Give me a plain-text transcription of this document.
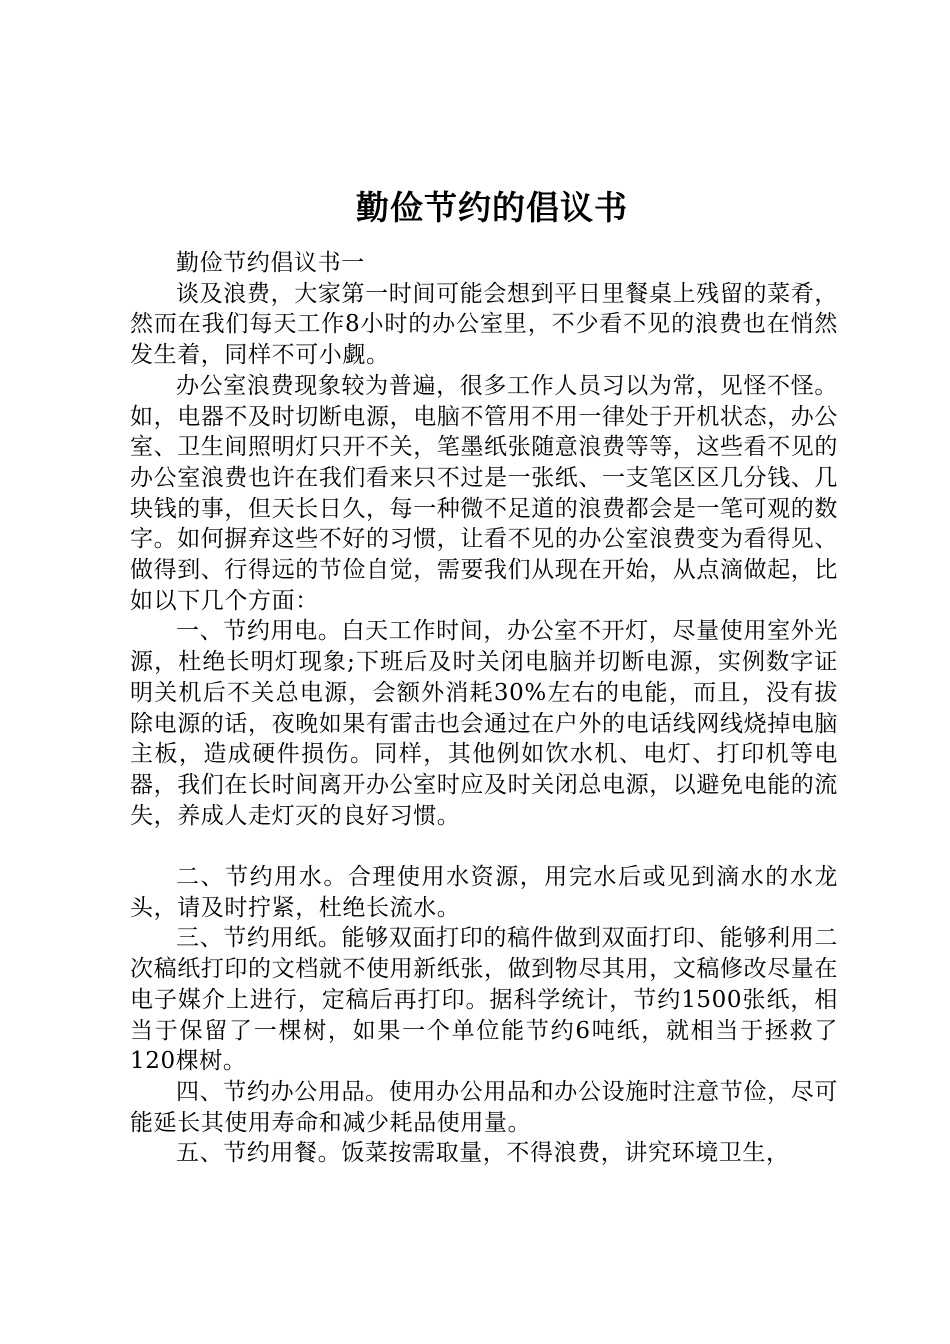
勤俭节约的倡议书

勤俭节约倡议书一

谈及浪费，大家第一时间可能会想到平日里餐桌上残留的菜肴，然而在我们每天工作8小时的办公室里，不少看不见的浪费也在悄然发生着，同样不可小觑。

办公室浪费现象较为普遍，很多工作人员习以为常，见怪不怪。如，电器不及时切断电源，电脑不管用不用一律处于开机状态，办公室、卫生间照明灯只开不关，笔墨纸张随意浪费等等，这些看不见的办公室浪费也许在我们看来只不过是一张纸、一支笔区区几分钱、几块钱的事，但天长日久，每一种微不足道的浪费都会是一笔可观的数字。如何摒弃这些不好的习惯，让看不见的办公室浪费变为看得见、做得到、行得远的节俭自觉，需要我们从现在开始，从点滴做起，比如以下几个方面：

一、节约用电。白天工作时间，办公室不开灯，尽量使用室外光源，杜绝长明灯现象;下班后及时关闭电脑并切断电源，实例数字证明关机后不关总电源，会额外消耗30%左右的电能，而且，没有拔除电源的话，夜晚如果有雷击也会通过在户外的电话线网线烧掉电脑主板，造成硬件损伤。同样，其他例如饮水机、电灯、打印机等电器，我们在长时间离开办公室时应及时关闭总电源，以避免电能的流失，养成人走灯灭的良好习惯。

二、节约用水。合理使用水资源，用完水后或见到滴水的水龙头，请及时拧紧，杜绝长流水。

三、节约用纸。能够双面打印的稿件做到双面打印、能够利用二次稿纸打印的文档就不使用新纸张，做到物尽其用，文稿修改尽量在电子媒介上进行，定稿后再打印。据科学统计，节约1500张纸，相当于保留了一棵树，如果一个单位能节约6吨纸，就相当于拯救了120棵树。

四、节约办公用品。使用办公用品和办公设施时注意节俭，尽可能延长其使用寿命和减少耗品使用量。

五、节约用餐。饭菜按需取量，不得浪费，讲究环境卫生，
